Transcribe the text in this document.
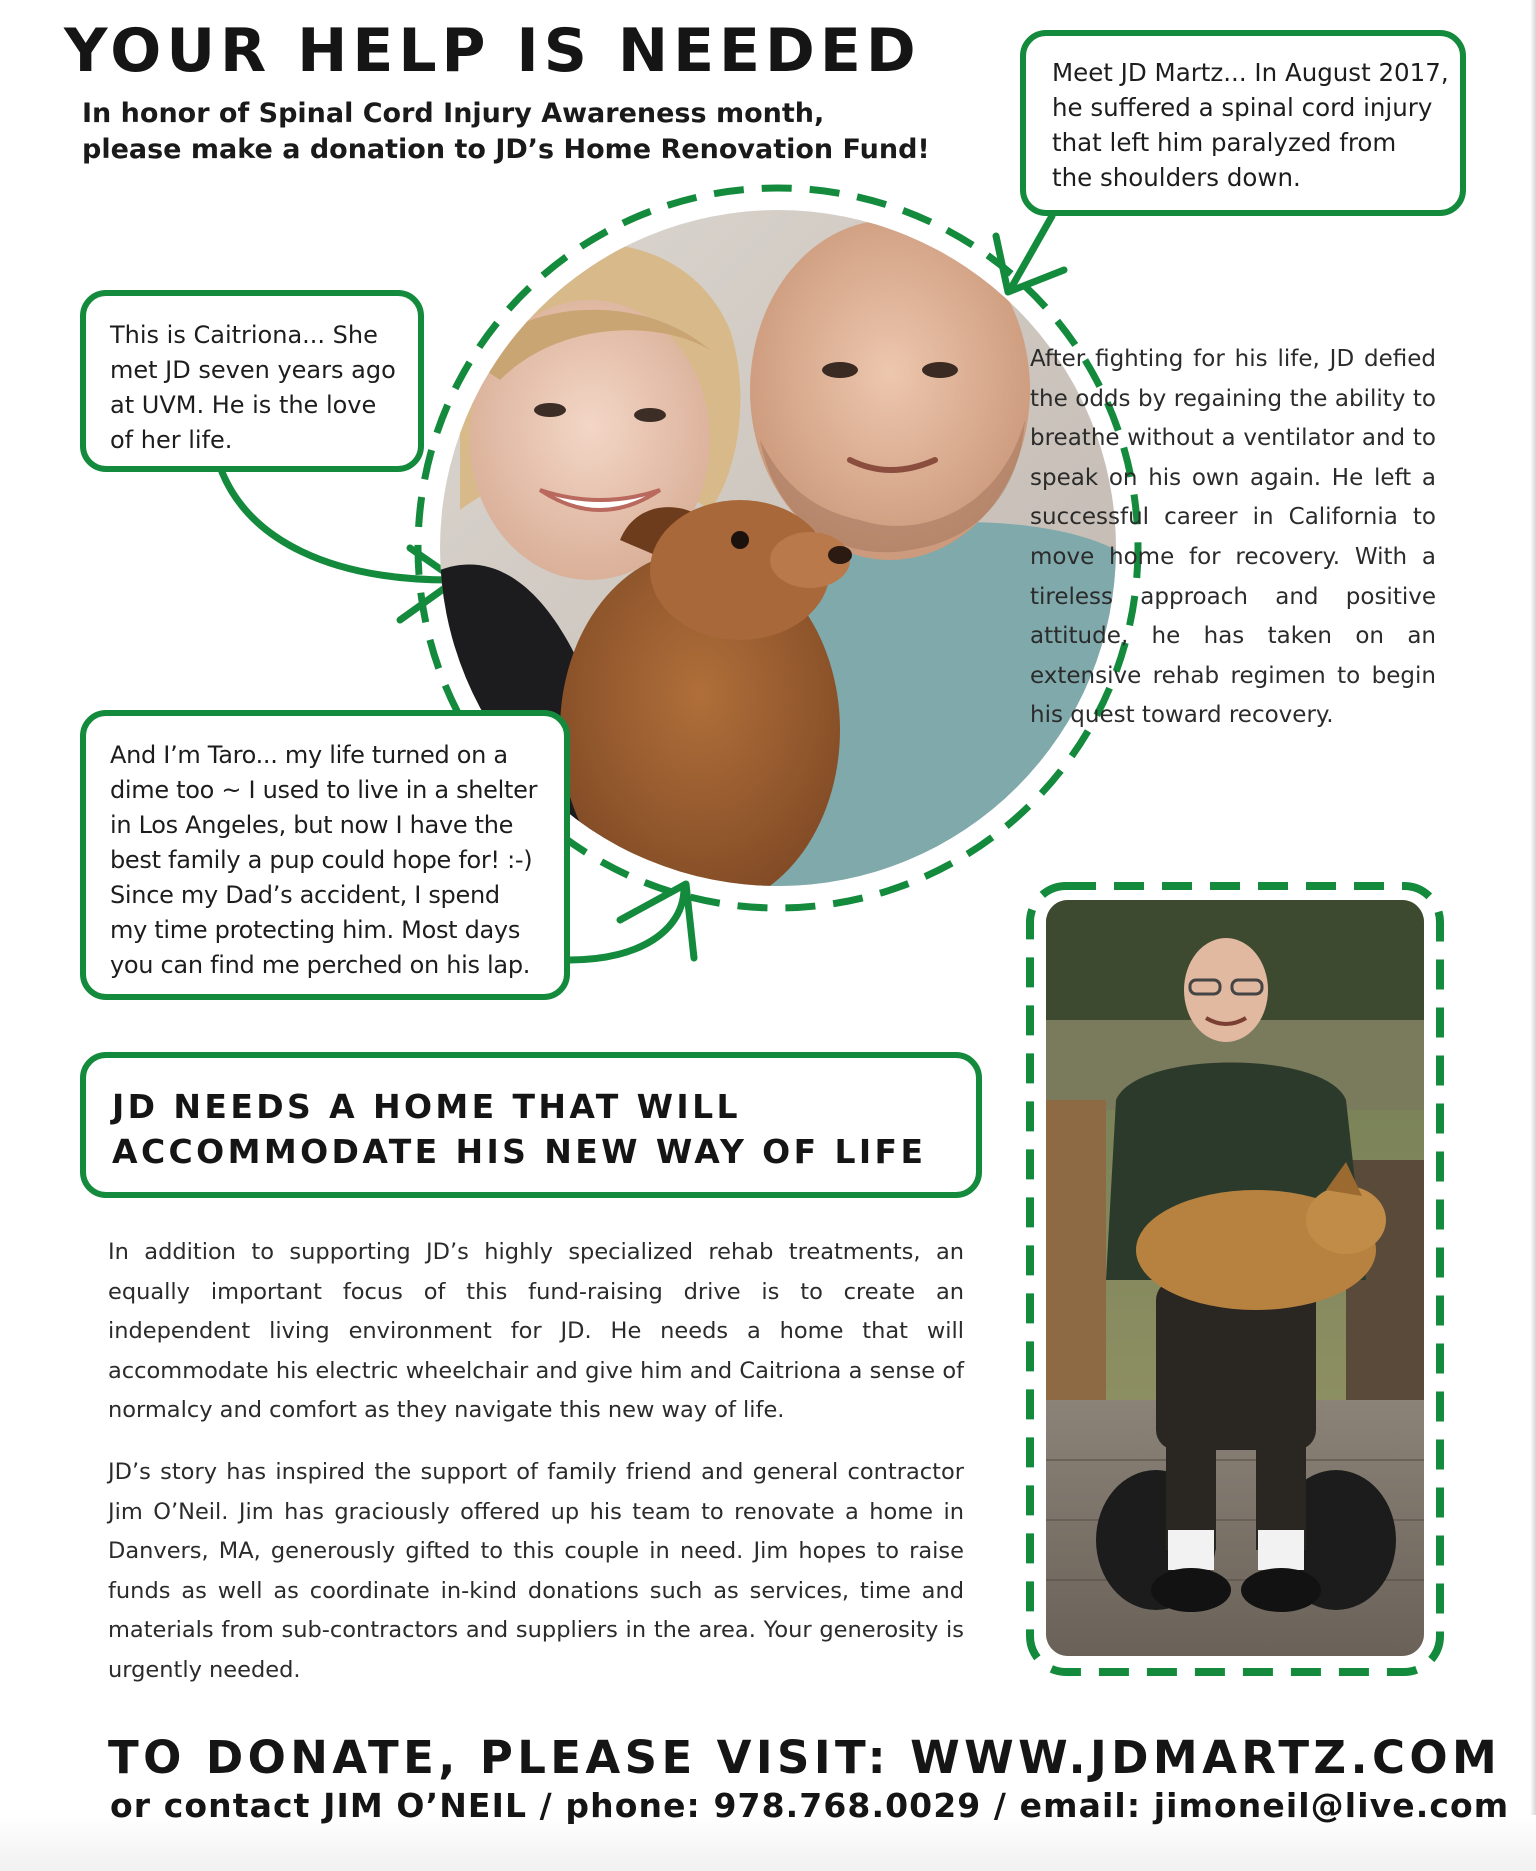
YOUR HELP IS NEEDED
In honor of Spinal Cord Injury Awareness month,
please make a donation to JD’s Home Renovation Fund!
Meet JD Martz... In August 2017,
he suffered a spinal cord injury
that left him paralyzed from
the shoulders down.
This is Caitriona... She
met JD seven years ago
at UVM. He is the love
of her life.
And I’m Taro... my life turned on a
dime too ~ I used to live in a shelter
in Los Angeles, but now I have the
best family a pup could hope for! :-)
Since my Dad’s accident, I spend
my time protecting him. Most days
you can find me perched on his lap.
After fighting for his life, JD defied the odds by regaining the ability to breathe without a ventilator and to speak on his own again. He left a successful career in California to move home for recovery. With a tireless approach and positive attitude, he has taken on an extensive rehab regimen to begin his quest toward recovery.
JD NEEDS A HOME THAT WILL
ACCOMMODATE HIS NEW WAY OF LIFE
In addition to supporting JD’s highly specialized rehab treatments, an equally important focus of this fund-raising drive is to create an independent living environment for JD. He needs a home that will accommodate his electric wheelchair and give him and Caitriona a sense of normalcy and comfort as they navigate this new way of life.
JD’s story has inspired the support of family friend and general contractor Jim O’Neil. Jim has graciously offered up his team to renovate a home in Danvers, MA, generously gifted to this couple in need. Jim hopes to raise funds as well as coordinate in-kind donations such as services, time and materials from sub-contractors and suppliers in the area. Your generosity is urgently needed.
TO DONATE, PLEASE VISIT: WWW.JDMARTZ.COM
or contact JIM O’NEIL / phone: 978.768.0029 / email: jimoneil@live.com
